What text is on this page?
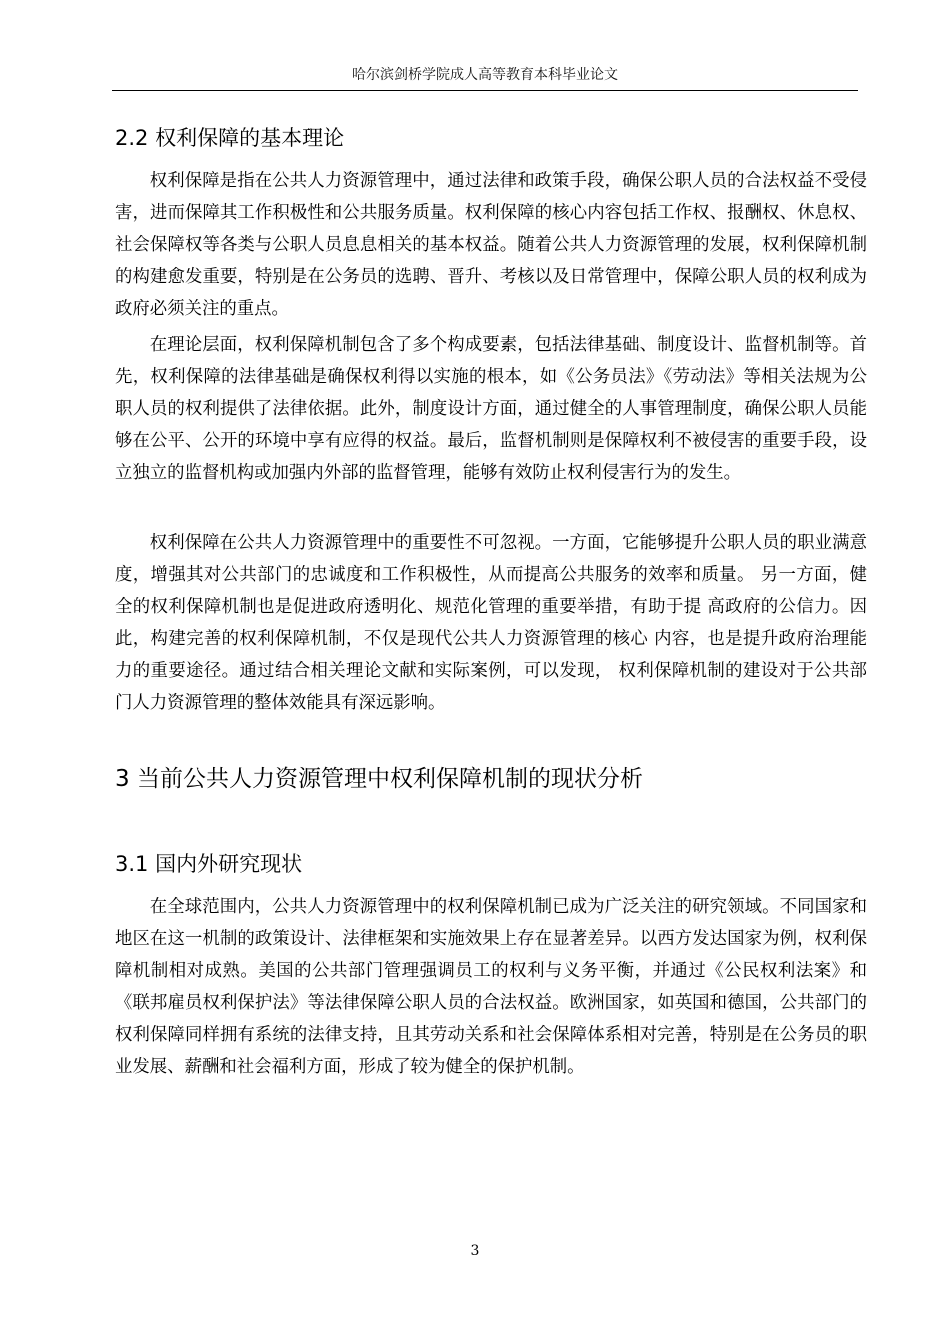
哈尔滨剑桥学院成人高等教育本科毕业论文
2.2 权利保障的基本理论

权利保障是指在公共人力资源管理中，通过法律和政策手段，确保公职人员的合法权益不受侵害，进而保障其工作积极性和公共服务质量。权利保障的核心内容包括工作权、报酬权、休息权、社会保障权等各类与公职人员息息相关的基本权益。随着公共人力资源管理的发展，权利保障机制的构建愈发重要，特别是在公务员的选聘、晋升、考核以及日常管理中，保障公职人员的权利成为政府必须关注的重点。

在理论层面，权利保障机制包含了多个构成要素，包括法律基础、制度设计、监督机制等。首先，权利保障的法律基础是确保权利得以实施的根本，如《公务员法》《劳动法》等相关法规为公职人员的权利提供了法律依据。此外，制度设计方面，通过健全的人事管理制度，确保公职人员能够在公平、公开的环境中享有应得的权益。最后，监督机制则是保障权利不被侵害的重要手段，设立独立的监督机构或加强内外部的监督管理，能够有效防止权利侵害行为的发生。

权利保障在公共人力资源管理中的重要性不可忽视。一方面，它能够提升公职人员的职业满意度，增强其对公共部门的忠诚度和工作积极性，从而提高公共服务的效率和质量。 另一方面，健全的权利保障机制也是促进政府透明化、规范化管理的重要举措，有助于提 高政府的公信力。因此，构建完善的权利保障机制，不仅是现代公共人力资源管理的核心 内容，也是提升政府治理能力的重要途径。通过结合相关理论文献和实际案例，可以发现， 权利保障机制的建设对于公共部门人力资源管理的整体效能具有深远影响。

3 当前公共人力资源管理中权利保障机制的现状分析
3.1 国内外研究现状

在全球范围内，公共人力资源管理中的权利保障机制已成为广泛关注的研究领域。不同国家和地区在这一机制的政策设计、法律框架和实施效果上存在显著差异。以西方发达国家为例，权利保障机制相对成熟。美国的公共部门管理强调员工的权利与义务平衡，并通过《公民权利法案》和《联邦雇员权利保护法》等法律保障公职人员的合法权益。欧洲国家，如英国和德国，公共部门的权利保障同样拥有系统的法律支持，且其劳动关系和社会保障体系相对完善，特别是在公务员的职业发展、薪酬和社会福利方面，形成了较为健全的保护机制。

3
